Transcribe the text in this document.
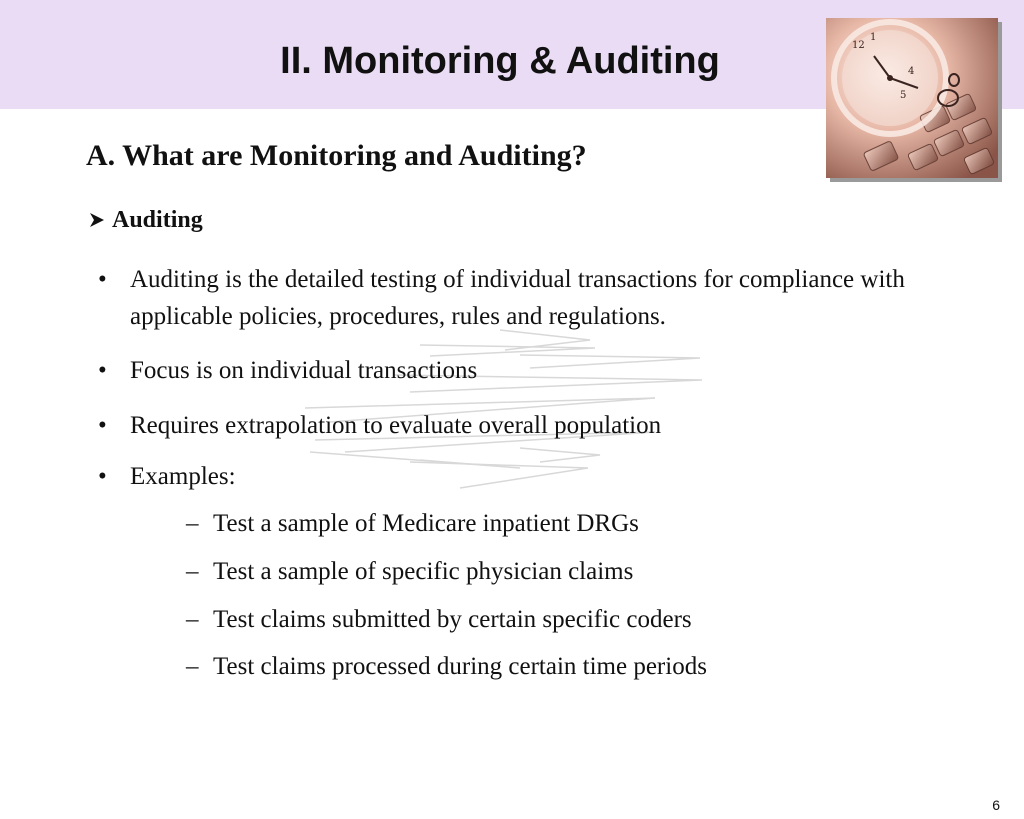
II. Monitoring & Auditing	12
1
4
5
A. What are Monitoring and Auditing?
Auditing
• Auditing is the detailed testing of individual transactions for compliance with applicable policies, procedures, rules and regulations.
• Focus is on individual transactions
• Requires extrapolation to evaluate overall population
• Examples:
– Test a sample of Medicare inpatient DRGs
– Test a sample of specific physician claims
– Test claims submitted by certain specific coders
– Test claims processed during certain time periods
6
